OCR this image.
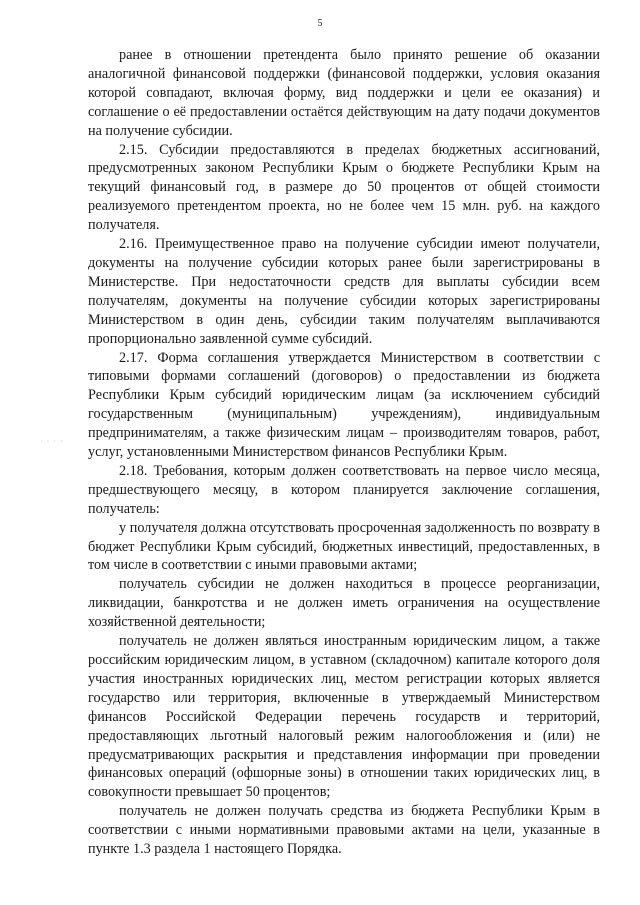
5
· · · ·

ранее в отношении претендента было принято решение об оказании аналогичной финансовой поддержки (финансовой поддержки, условия оказания которой совпадают, включая форму, вид поддержки и цели ее оказания) и соглашение о её предоставлении остаётся действующим на дату подачи документов на получение субсидии.

2.15. Субсидии предоставляются в пределах бюджетных ассигнований, предусмотренных законом Республики Крым о бюджете Республики Крым на текущий финансовый год, в размере до 50 процентов от общей стоимости реализуемого претендентом проекта, но не более чем 15 млн. руб. на каждого получателя.

2.16. Преимущественное право на получение субсидии имеют получатели, документы на получение субсидии которых ранее были зарегистрированы в Министерстве. При недостаточности средств для выплаты субсидии всем получателям, документы на получение субсидии которых зарегистрированы Министерством в один день, субсидии таким получателям выплачиваются пропорционально заявленной сумме субсидий.

2.17. Форма соглашения утверждается Министерством в соответствии с типовыми формами соглашений (договоров) о предоставлении из бюджета Республики Крым субсидий юридическим лицам (за исключением субсидий государственным (муниципальным) учреждениям), индивидуальным предпринимателям, а также физическим лицам – производителям товаров, работ, услуг, установленными Министерством финансов Республики Крым.

2.18. Требования, которым должен соответствовать на первое число месяца, предшествующего месяцу, в котором планируется заключение соглашения, получатель:

у получателя должна отсутствовать просроченная задолженность по возврату в бюджет Республики Крым субсидий, бюджетных инвестиций, предоставленных, в том числе в соответствии с иными правовыми актами;

получатель субсидии не должен находиться в процессе реорганизации, ликвидации, банкротства и не должен иметь ограничения на осуществление хозяйственной деятельности;

получатель не должен являться иностранным юридическим лицом, а также российским юридическим лицом, в уставном (складочном) капитале которого доля участия иностранных юридических лиц, местом регистрации которых является государство или территория, включенные в утверждаемый Министерством финансов Российской Федерации перечень государств и территорий, предоставляющих льготный налоговый режим налогообложения и (или) не предусматривающих раскрытия и представления информации при проведении финансовых операций (офшорные зоны) в отношении таких юридических лиц, в совокупности превышает 50 процентов;

получатель не должен получать средства из бюджета Республики Крым в соответствии с иными нормативными правовыми актами на цели, указанные в пункте 1.3 раздела 1 настоящего Порядка.
